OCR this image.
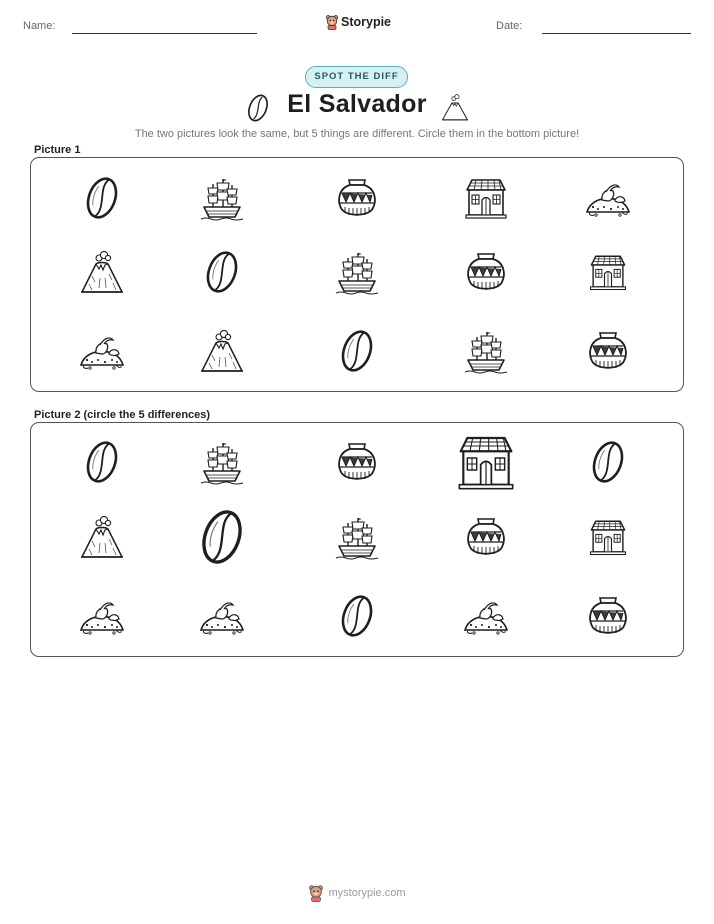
Name:	Storypie	Date:
SPOT THE DIFF
El Salvador
The two pictures look the same, but 5 things are different. Circle them in the bottom picture!
Picture 1
Picture 2 (circle the 5 differences)
mystorypie.com
